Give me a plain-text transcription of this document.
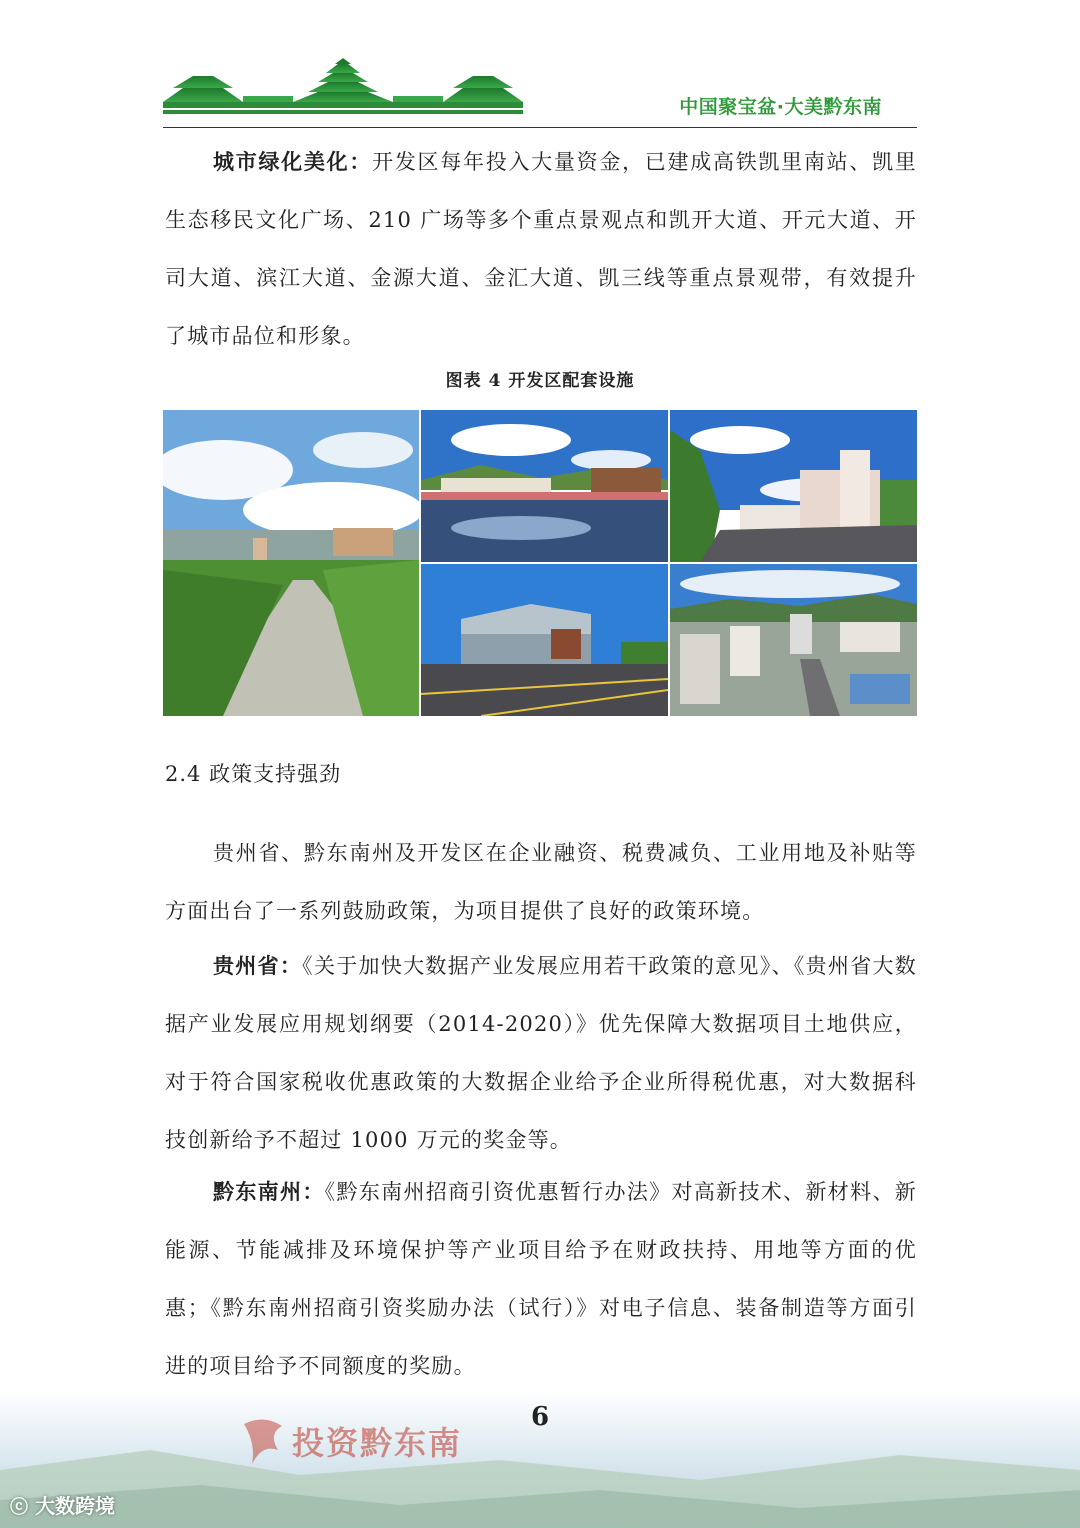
中国聚宝盆·大美黔东南

城市绿化美化：开发区每年投入大量资金，已建成高铁凯里南站、凯里生态移民文化广场、210 广场等多个重点景观点和凯开大道、开元大道、开司大道、滨江大道、金源大道、金汇大道、凯三线等重点景观带，有效提升了城市品位和形象。

图表 4 开发区配套设施
2.4 政策支持强劲

贵州省、黔东南州及开发区在企业融资、税费减负、工业用地及补贴等方面出台了一系列鼓励政策，为项目提供了良好的政策环境。

贵州省：《关于加快大数据产业发展应用若干政策的意见》、《贵州省大数据产业发展应用规划纲要（2014-2020）》优先保障大数据项目土地供应，对于符合国家税收优惠政策的大数据企业给予企业所得税优惠，对大数据科技创新给予不超过 1000 万元的奖金等。

黔东南州：《黔东南州招商引资优惠暂行办法》对高新技术、新材料、新能源、节能减排及环境保护等产业项目给予在财政扶持、用地等方面的优惠；《黔东南州招商引资奖励办法（试行）》对电子信息、装备制造等方面引进的项目给予不同额度的奖励。

6
投资黔东南
ⓒ 大数跨境
